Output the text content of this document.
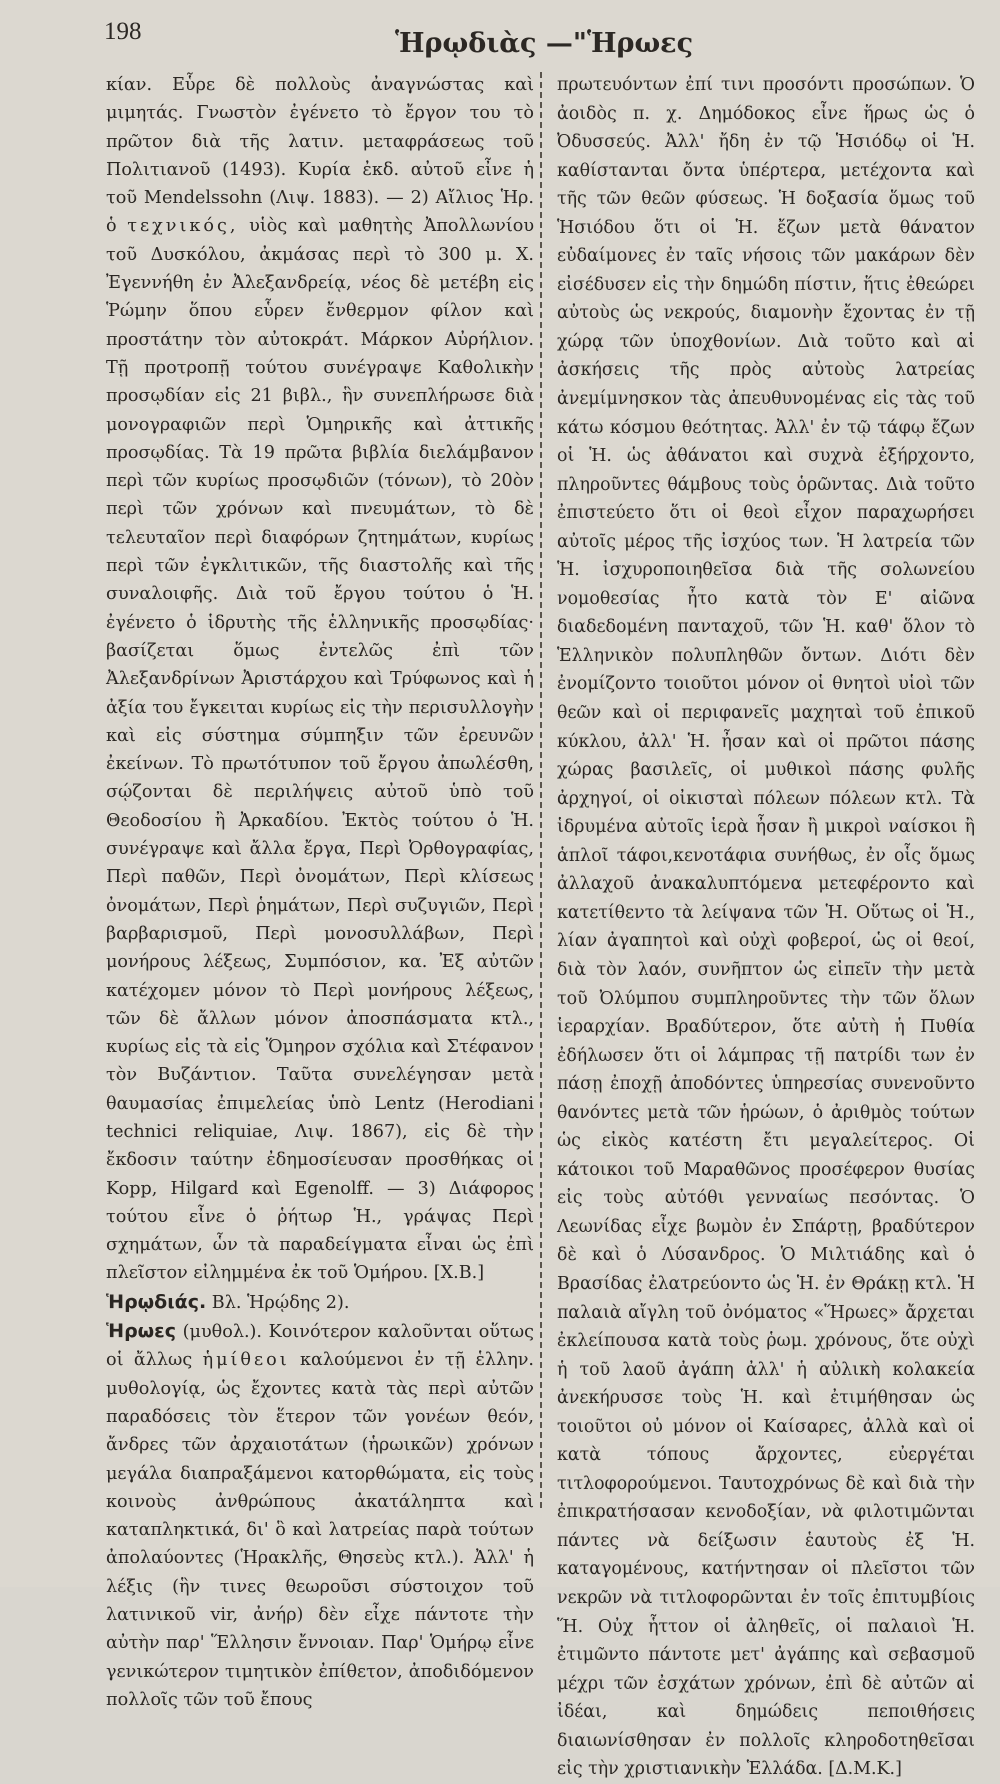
198	Ἡρῳδιὰς —"Ἡρωες

κίαν. Εὗρε δὲ πολλοὺς ἀναγνώστας καὶ μιμητάς. Γνωστὸν ἐγένετο τὸ ἔργον του τὸ πρῶτον διὰ τῆς λατιν. μεταφράσεως τοῦ Πολιτιανοῦ (1493). Κυρία ἐκδ. αὐτοῦ εἶνε ἡ τοῦ Mendelssohn (Λιψ. 1883). — 2) Αἴλιος Ἡρ. ὁ τεχνικός, υἱὸς καὶ μαθητὴς Ἀπολλωνίου τοῦ Δυσκόλου, ἀκμάσας περὶ τὸ 300 μ. Χ. Ἐγεννήθη ἐν Ἀλεξανδρείᾳ, νέος δὲ μετέβη εἰς Ῥώμην ὅπου εὗρεν ἔνθερμον φίλον καὶ προστάτην τὸν αὐτοκράτ. Μάρκον Αὐρήλιον. Τῇ προτροπῇ τούτου συνέγραψε Καθολικὴν προσῳδίαν εἰς 21 βιβλ., ἣν συνεπλήρωσε διὰ μονογραφιῶν περὶ Ὁμηρικῆς καὶ ἀττικῆς προσῳδίας. Τὰ 19 πρῶτα βιβλία διελάμβανον περὶ τῶν κυρίως προσῳδιῶν (τόνων), τὸ 20ὸν περὶ τῶν χρόνων καὶ πνευμάτων, τὸ δὲ τελευταῖον περὶ διαφόρων ζητημάτων, κυρίως περὶ τῶν ἐγκλιτικῶν, τῆς διαστολῆς καὶ τῆς συναλοιφῆς. Διὰ τοῦ ἔργου τούτου ὁ Ἡ. ἐγένετο ὁ ἱδρυτὴς τῆς ἑλληνικῆς προσῳδίας· βασίζεται ὅμως ἐντελῶς ἐπὶ τῶν Ἀλεξανδρίνων Ἀριστάρχου καὶ Τρύφωνος καὶ ἡ ἀξία του ἔγκειται κυρίως εἰς τὴν περισυλλογὴν καὶ εἰς σύστημα σύμπηξιν τῶν ἐρευνῶν ἐκείνων. Τὸ πρωτότυπον τοῦ ἔργου ἀπωλέσθη, σῴζονται δὲ περιλήψεις αὐτοῦ ὑπὸ τοῦ Θεοδοσίου ἢ Ἀρκαδίου. Ἐκτὸς τούτου ὁ Ἡ. συνέγραψε καὶ ἄλλα ἔργα, Περὶ Ὀρθογραφίας, Περὶ παθῶν, Περὶ ὀνομάτων, Περὶ κλίσεως ὀνομάτων, Περὶ ῥημάτων, Περὶ συζυγιῶν, Περὶ βαρβαρισμοῦ, Περὶ μονοσυλλάβων, Περὶ μονήρους λέξεως, Συμπόσιον, κα. Ἐξ αὐτῶν κατέχομεν μόνον τὸ Περὶ μονήρους λέξεως, τῶν δὲ ἄλλων μόνον ἀποσπάσματα κτλ., κυρίως εἰς τὰ εἰς Ὅμηρον σχόλια καὶ Στέφανον τὸν Βυζάντιον. Ταῦτα συνελέγησαν μετὰ θαυμασίας ἐπιμελείας ὑπὸ Lentz (Herodiani technici reliquiae, Λιψ. 1867), εἰς δὲ τὴν ἔκδοσιν ταύτην ἐδημοσίευσαν προσθήκας οἱ Kopp, Hilgard καὶ Egenolff. — 3) Διάφορος τούτου εἶνε ὁ ῥήτωρ Ἡ., γράψας Περὶ σχημάτων, ὧν τὰ παραδείγματα εἶναι ὡς ἐπὶ πλεῖστον εἰλημμένα ἐκ τοῦ Ὁμήρου. [Χ.Β.]

Ἡρῳδιάς. Βλ. Ἡρῴδης 2).

Ἡρωες (μυθολ.). Κοινότερον καλοῦνται οὕτως οἱ ἄλλως ἡμίθεοι καλούμενοι ἐν τῇ ἑλλην. μυθολογίᾳ, ὡς ἔχοντες κατὰ τὰς περὶ αὐτῶν παραδόσεις τὸν ἕτερον τῶν γονέων θεόν, ἄνδρες τῶν ἀρχαιοτάτων (ἡρωικῶν) χρόνων μεγάλα διαπραξάμενοι κατορθώματα, εἰς τοὺς κοινοὺς ἀνθρώπους ἀκατάληπτα καὶ καταπληκτικά, δι' ὃ καὶ λατρείας παρὰ τούτων ἀπολαύοντες (Ἡρακλῆς, Θησεὺς κτλ.). Ἀλλ' ἡ λέξις (ἣν τινες θεωροῦσι σύστοιχον τοῦ λατινικοῦ vir, ἀνήρ) δὲν εἶχε πάντοτε τὴν αὐτὴν παρ' Ἕλλησιν ἔννοιαν. Παρ' Ὁμήρῳ εἶνε γενικώτερον τιμητικὸν ἐπίθετον, ἀποδιδόμενον πολλοῖς τῶν τοῦ ἔπους

πρωτευόντων ἐπί τινι προσόντι προσώπων. Ὁ ἀοιδὸς π. χ. Δημόδοκος εἶνε ἥρως ὡς ὁ Ὀδυσσεύς. Ἀλλ' ἤδη ἐν τῷ Ἡσιόδῳ οἱ Ἡ. καθίστανται ὄντα ὑπέρτερα, μετέχοντα καὶ τῆς τῶν θεῶν φύσεως. Ἡ δοξασία ὅμως τοῦ Ἡσιόδου ὅτι οἱ Ἡ. ἔζων μετὰ θάνατον εὐδαίμονες ἐν ταῖς νήσοις τῶν μακάρων δὲν εἰσέδυσεν εἰς τὴν δημώδη πίστιν, ἥτις ἐθεώρει αὐτοὺς ὡς νεκρούς, διαμονὴν ἔχοντας ἐν τῇ χώρᾳ τῶν ὑποχθονίων. Διὰ τοῦτο καὶ αἱ ἀσκήσεις τῆς πρὸς αὐτοὺς λατρείας ἀνεμίμνησκον τὰς ἀπευθυνομένας εἰς τὰς τοῦ κάτω κόσμου θεότητας. Ἀλλ' ἐν τῷ τάφῳ ἔζων οἱ Ἡ. ὡς ἀθάνατοι καὶ συχνὰ ἐξήρχοντο, πληροῦντες θάμβους τοὺς ὁρῶντας. Διὰ τοῦτο ἐπιστεύετο ὅτι οἱ θεοὶ εἶχον παραχωρήσει αὐτοῖς μέρος τῆς ἰσχύος των. Ἡ λατρεία τῶν Ἡ. ἰσχυροποιηθεῖσα διὰ τῆς σολωνείου νομοθεσίας ἦτο κατὰ τὸν Ε' αἰῶνα διαδεδομένη πανταχοῦ, τῶν Ἡ. καθ' ὅλον τὸ Ἑλληνικὸν πολυπληθῶν ὄντων. Διότι δὲν ἐνομίζοντο τοιοῦτοι μόνον οἱ θνητοὶ υἱοὶ τῶν θεῶν καὶ οἱ περιφανεῖς μαχηταὶ τοῦ ἐπικοῦ κύκλου, ἀλλ' Ἡ. ἦσαν καὶ οἱ πρῶτοι πάσης χώρας βασιλεῖς, οἱ μυθικοὶ πάσης φυλῆς ἀρχηγοί, οἱ οἰκισταὶ πόλεων πόλεων κτλ. Τὰ ἱδρυμένα αὐτοῖς ἱερὰ ἦσαν ἢ μικροὶ ναίσκοι ἢ ἁπλοῖ τάφοι,κενοτάφια συνήθως, ἐν οἷς ὅμως ἀλλαχοῦ ἀνακαλυπτόμενα μετεφέροντο καὶ κατετίθεντο τὰ λείψανα τῶν Ἡ. Οὕτως οἱ Ἡ., λίαν ἀγαπητοὶ καὶ οὐχὶ φοβεροί, ὡς οἱ θεοί, διὰ τὸν λαόν, συνῆπτον ὡς εἰπεῖν τὴν μετὰ τοῦ Ὀλύμπου συμπληροῦντες τὴν τῶν ὅλων ἱεραρχίαν. Βραδύτερον, ὅτε αὐτὴ ἡ Πυθία ἐδήλωσεν ὅτι οἱ λάμπρας τῇ πατρίδι των ἐν πάσῃ ἐποχῇ ἀποδόντες ὑπηρεσίας συνενοῦντο θανόντες μετὰ τῶν ἡρώων, ὁ ἀριθμὸς τούτων ὡς εἰκὸς κατέστη ἔτι μεγαλείτερος. Οἱ κάτοικοι τοῦ Μαραθῶνος προσέφερον θυσίας εἰς τοὺς αὐτόθι γενναίως πεσόντας. Ὁ Λεωνίδας εἶχε βωμὸν ἐν Σπάρτῃ, βραδύτερον δὲ καὶ ὁ Λύσανδρος. Ὁ Μιλτιάδης καὶ ὁ Βρασίδας ἐλατρεύοντο ὡς Ἡ. ἐν Θράκῃ κτλ. Ἡ παλαιὰ αἴγλη τοῦ ὀνόματος «Ἥρωες» ἄρχεται ἐκλείπουσα κατὰ τοὺς ῥωμ. χρόνους, ὅτε οὐχὶ ἡ τοῦ λαοῦ ἀγάπη ἀλλ' ἡ αὐλικὴ κολακεία ἀνεκήρυσσε τοὺς Ἡ. καὶ ἐτιμήθησαν ὡς τοιοῦτοι οὐ μόνον οἱ Καίσαρες, ἀλλὰ καὶ οἱ κατὰ τόπους ἄρχοντες, εὐεργέται τιτλοφορούμενοι. Ταυτοχρόνως δὲ καὶ διὰ τὴν ἐπικρατήσασαν κενοδοξίαν, νὰ φιλοτιμῶνται πάντες νὰ δείξωσιν ἑαυτοὺς ἐξ Ἡ. καταγομένους, κατήντησαν οἱ πλεῖστοι τῶν νεκρῶν νὰ τιτλοφορῶνται ἐν τοῖς ἐπιτυμβίοις Ἥ. Οὐχ ἧττον οἱ ἀληθεῖς, οἱ παλαιοὶ Ἡ. ἐτιμῶντο πάντοτε μετ' ἀγάπης καὶ σεβασμοῦ μέχρι τῶν ἐσχάτων χρόνων, ἐπὶ δὲ αὐτῶν αἱ ἰδέαι, καὶ δημώδεις πεποιθήσεις διαιωνίσθησαν ἐν πολλοῖς κληροδοτηθεῖσαι εἰς τὴν χριστιανικὴν Ἑλλάδα. [Δ.Μ.Κ.]
